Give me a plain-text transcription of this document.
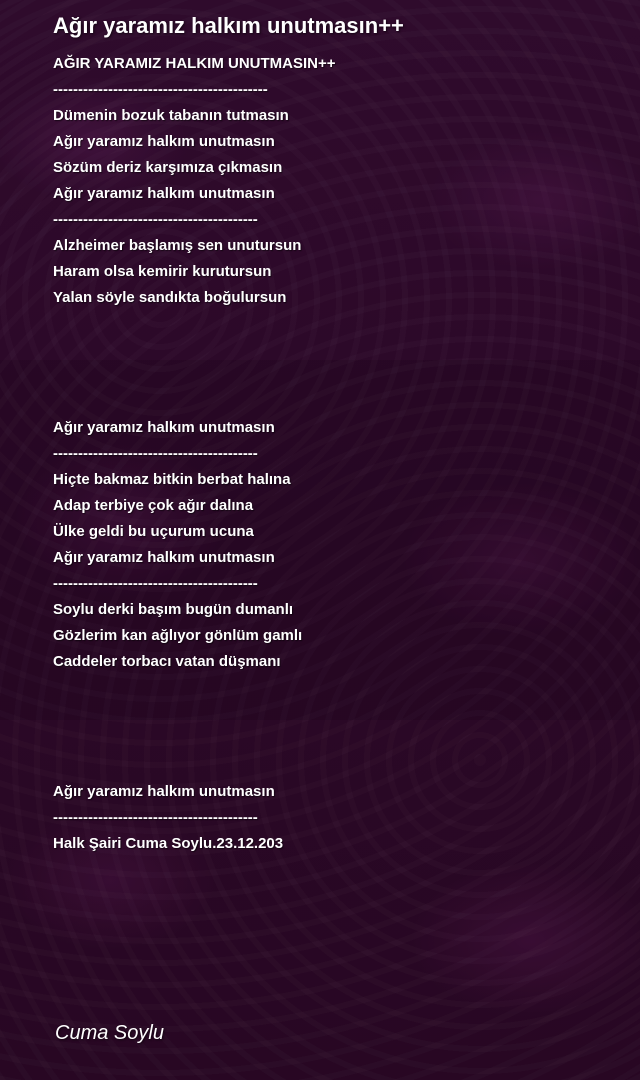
Ağır yaramız halkım unutmasın++
AĞIR YARAMIZ HALKIM UNUTMASIN++
-------------------------------------------
Dümenin bozuk tabanın tutmasın
Ağır yaramız halkım unutmasın
Sözüm deriz karşımıza çıkmasın
Ağır yaramız halkım unutmasın
-----------------------------------------
Alzheimer başlamış sen unutursun
Haram olsa kemirir kurutursun
Yalan söyle sandıkta boğulursun

Ağır yaramız halkım unutmasın
-----------------------------------------
Hiçte bakmaz bitkin berbat halına
Adap terbiye çok ağır dalına
Ülke geldi bu uçurum ucuna
Ağır yaramız halkım unutmasın
-----------------------------------------
Soylu derki başım bugün dumanlı
Gözlerim kan ağlıyor gönlüm gamlı
Caddeler torbacı vatan düşmanı

Ağır yaramız halkım unutmasın
-----------------------------------------
Halk Şairi Cuma Soylu.23.12.203
Cuma Soylu
